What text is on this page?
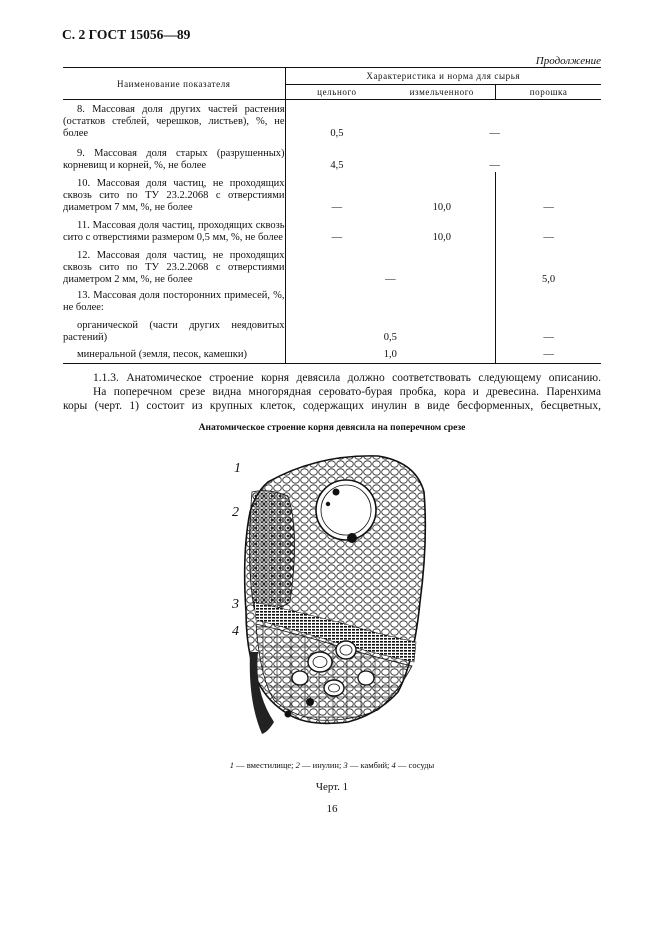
С. 2 ГОСТ 15056—89
Продолжение
Наименование показателя	Характеристика и норма для сырья		
	цельного	измельченного	порошка
8. Массовая доля других частей растения (остатков стеблей, черешков, листьев), %, не более	0,5	—	
9. Массовая доля старых (разрушенных) корневищ и корней, %, не более	4,5	—	
10. Массовая доля частиц, не проходящих сквозь сито по ТУ 23.2.2068 с отверстиями диаметром 7 мм, %, не более	—	10,0	—
11. Массовая доля частиц, проходящих сквозь сито с отверстиями размером 0,5 мм, %, не более	—	10,0	—
12. Массовая доля частиц, не проходящих сквозь сито по ТУ 23.2.2068 с отверстиями диаметром 2 мм, %, не более	—		5,0
13. Массовая доля посторонних примесей, %, не более:			
органической (части других неядовитых растений)	0,5		—
минеральной (земля, песок, камешки)	1,0		—
1.1.3. Анатомическое строение корня девясила должно соответствовать следующему описанию.
На поперечном срезе видна многорядная серовато-бурая пробка, кора и древесина. Паренхима
коры (черт. 1) состоит из крупных клеток, содержащих инулин в виде бесформенных, бесцветных,
Анатомическое строение корня девясила на поперечном срезе
1
2
3
4
1 — вместилище; 2 — инулин; 3 — камбий; 4 — сосуды
Черт. 1
16
